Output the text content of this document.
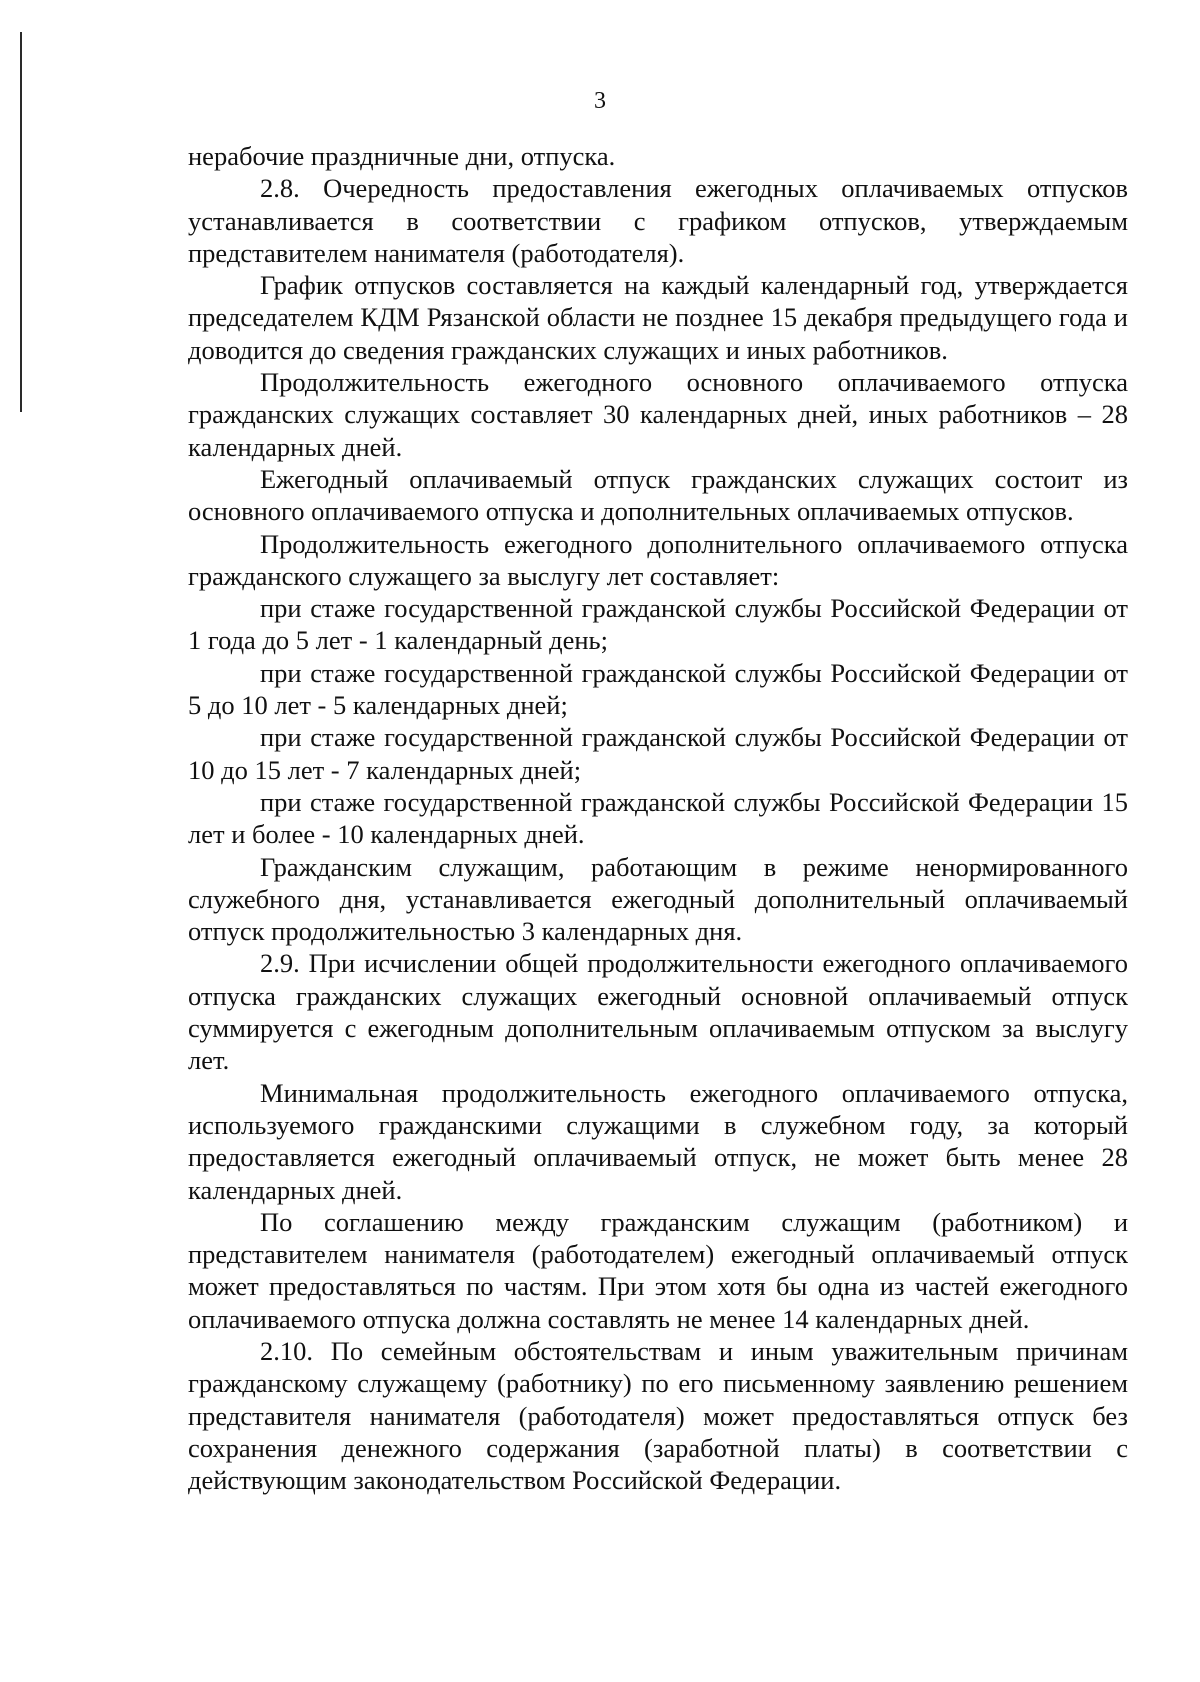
3

нерабочие праздничные дни, отпуска.

2.8. Очередность предоставления ежегодных оплачиваемых отпусков устанавливается в соответствии с графиком отпусков, утверждаемым представителем нанимателя (работодателя).

График отпусков составляется на каждый календарный год, утверждается председателем КДМ Рязанской области не позднее 15 декабря предыдущего года и доводится до сведения гражданских служащих и иных работников.

Продолжительность ежегодного основного оплачиваемого отпуска гражданских служащих составляет 30 календарных дней, иных работников – 28 календарных дней.

Ежегодный оплачиваемый отпуск гражданских служащих состоит из основного оплачиваемого отпуска и дополнительных оплачиваемых отпусков.

Продолжительность ежегодного дополнительного оплачиваемого отпуска гражданского служащего за выслугу лет составляет:

при стаже государственной гражданской службы Российской Федерации от 1 года до 5 лет - 1 календарный день;

при стаже государственной гражданской службы Российской Федерации от 5 до 10 лет - 5 календарных дней;

при стаже государственной гражданской службы Российской Федерации от 10 до 15 лет - 7 календарных дней;

при стаже государственной гражданской службы Российской Федерации 15 лет и более - 10 календарных дней.

Гражданским служащим, работающим в режиме ненормированного служебного дня, устанавливается ежегодный дополнительный оплачиваемый отпуск продолжительностью 3 календарных дня.

2.9. При исчислении общей продолжительности ежегодного оплачиваемого отпуска гражданских служащих ежегодный основной оплачиваемый отпуск суммируется с ежегодным дополнительным оплачиваемым отпуском за выслугу лет.

Минимальная продолжительность ежегодного оплачиваемого отпуска, используемого гражданскими служащими в служебном году, за который предоставляется ежегодный оплачиваемый отпуск, не может быть менее 28 календарных дней.

По соглашению между гражданским служащим (работником) и представителем нанимателя (работодателем) ежегодный оплачиваемый отпуск может предоставляться по частям. При этом хотя бы одна из частей ежегодного оплачиваемого отпуска должна составлять не менее 14 календарных дней.

2.10. По семейным обстоятельствам и иным уважительным причинам гражданскому служащему (работнику) по его письменному заявлению решением представителя нанимателя (работодателя) может предоставляться отпуск без сохранения денежного содержания (заработной платы) в соответствии с действующим законодательством Российской Федерации.
